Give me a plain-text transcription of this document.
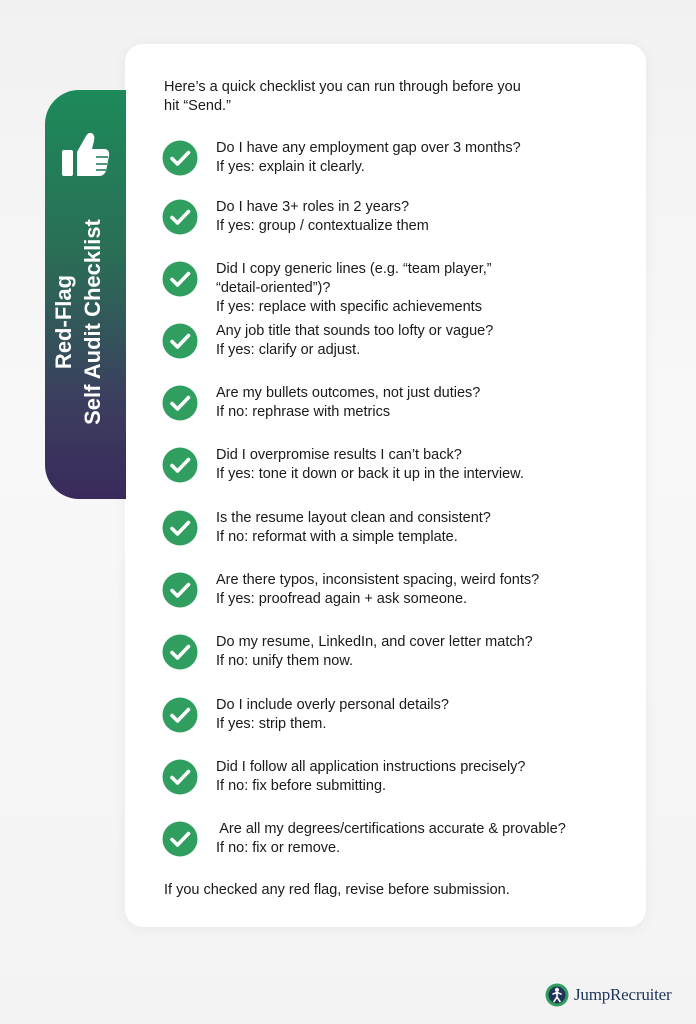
Red-Flag Self Audit Checklist
Here’s a quick checklist you can run through before you hit “Send.”
Do I have any employment gap over 3 months?
If yes: explain it clearly.
Do I have 3+ roles in 2 years?
If yes: group / contextualize them
Did I copy generic lines (e.g. “team player,”
“detail-oriented”)?
If yes: replace with specific achievements
Any job title that sounds too lofty or vague?
If yes: clarify or adjust.
Are my bullets outcomes, not just duties?
If no: rephrase with metrics
Did I overpromise results I can’t back?
If yes: tone it down or back it up in the interview.
Is the resume layout clean and consistent?
If no: reformat with a simple template.
Are there typos, inconsistent spacing, weird fonts?
If yes: proofread again + ask someone.
Do my resume, LinkedIn, and cover letter match?
If no: unify them now.
Do I include overly personal details?
If yes: strip them.
Did I follow all application instructions precisely?
If no: fix before submitting.
Are all my degrees/certifications accurate & provable?
If no: fix or remove.
If you checked any red flag, revise before submission.
JumpRecruiter
